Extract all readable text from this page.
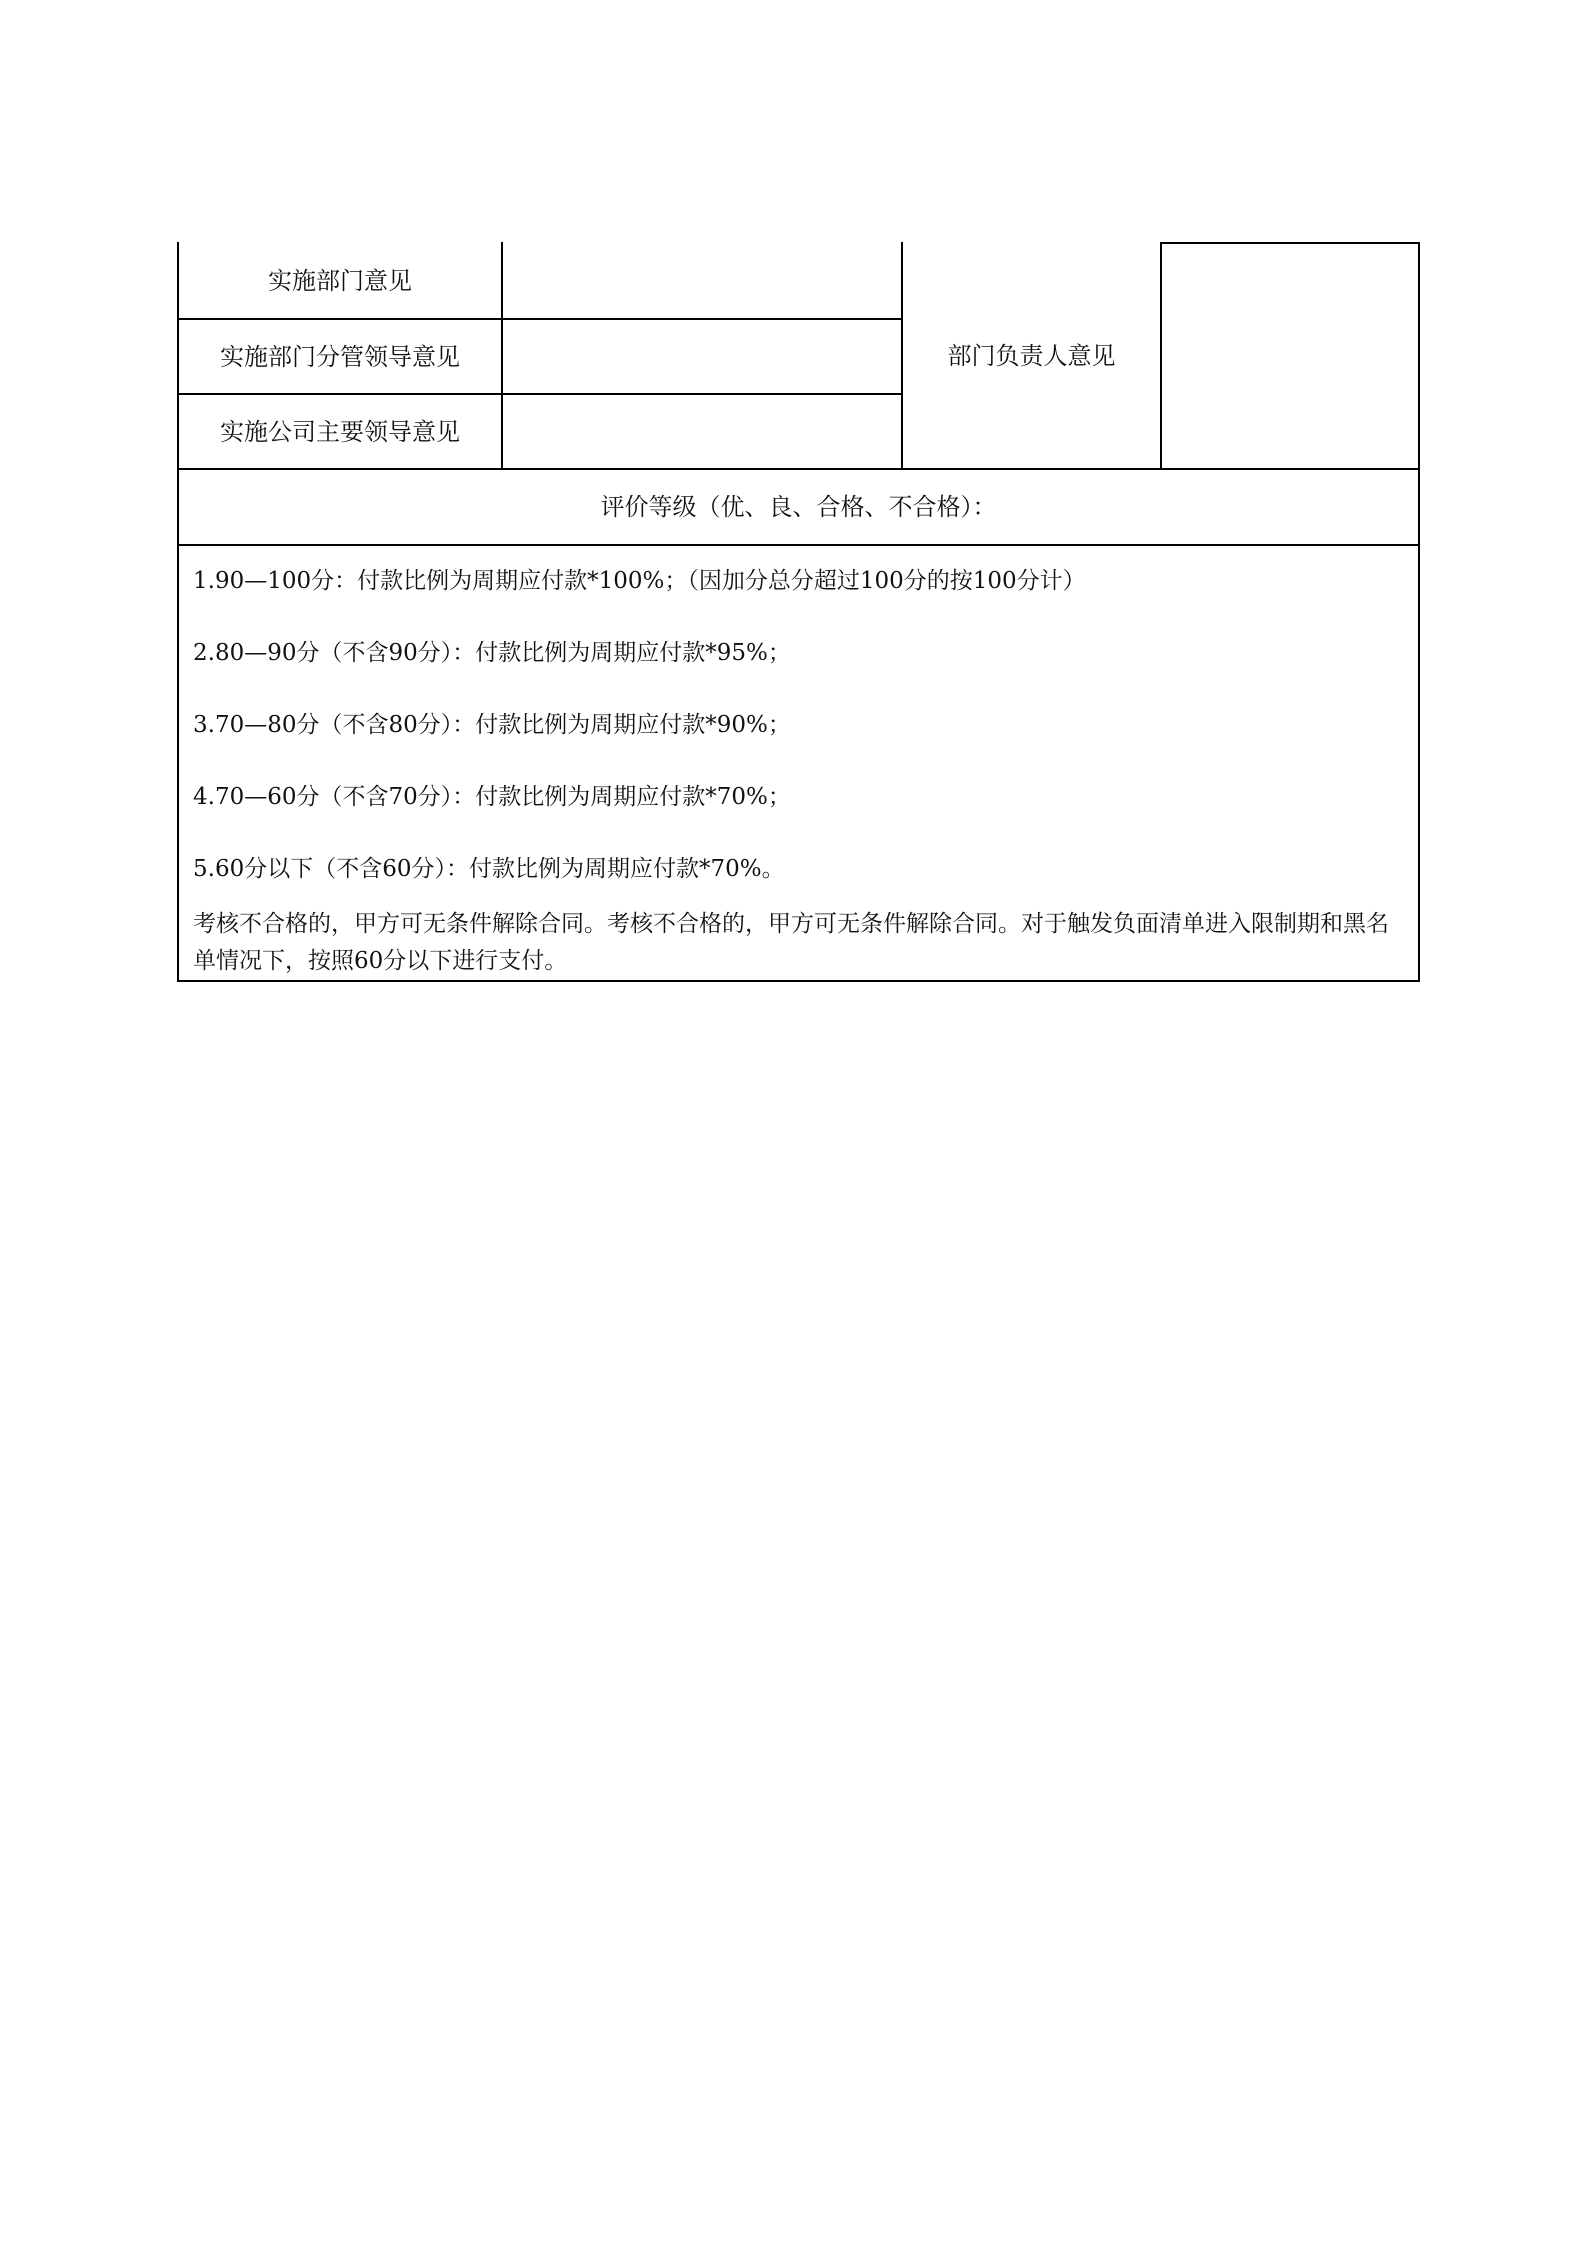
实施部门意见
实施部门分管领导意见
实施公司主要领导意见
部门负责人意见
评价等级（优、良、合格、不合格）：
1.90—100分：付款比例为周期应付款*100%；（因加分总分超过100分的按100分计）
2.80—90分（不含90分）：付款比例为周期应付款*95%；
3.70—80分（不含80分）：付款比例为周期应付款*90%；
4.70—60分（不含70分）：付款比例为周期应付款*70%；
5.60分以下（不含60分）：付款比例为周期应付款*70%。
考核不合格的，甲方可无条件解除合同。考核不合格的，甲方可无条件解除合同。对于触发负面清单进入限制期和黑名单情况下，按照60分以下进行支付。
